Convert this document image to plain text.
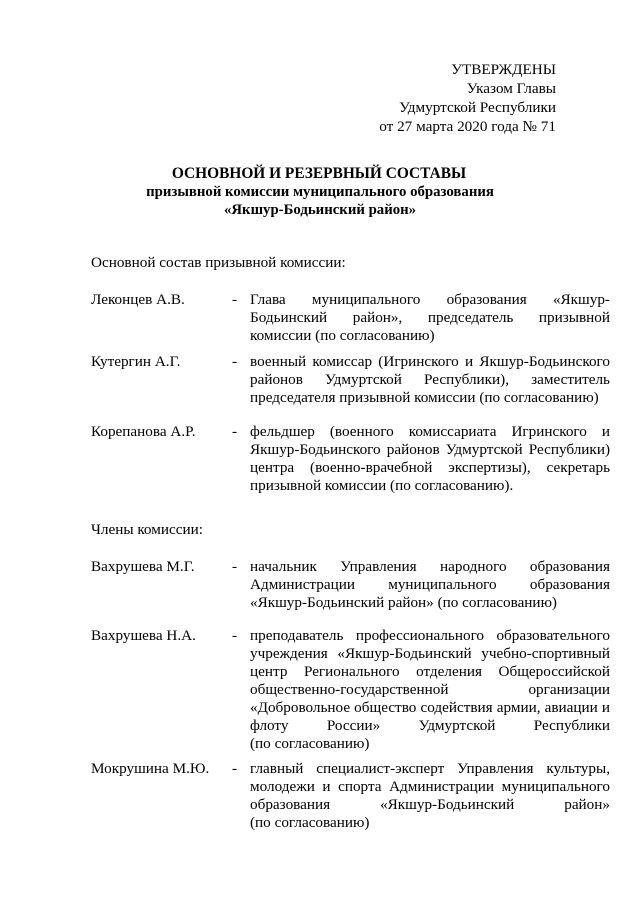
УТВЕРЖДЕНЫ
Указом Главы
Удмуртской Республики
от 27 марта 2020 года № 71
ОСНОВНОЙ И РЕЗЕРВНЫЙ СОСТАВЫ
призывной комиссии муниципального образования
«Якшур-Бодьинский район»
Основной состав призывной комиссии:
Леконцев А.В.	- Глава муниципального образования «Якшур-
Бодьинский район», председатель призывной
комиссии (по согласованию)
Кутергин А.Г.	- военный комиссар (Игринского и Якшур-Бодьинского
районов Удмуртской Республики), заместитель
председателя призывной комиссии (по согласованию)
Корепанова А.Р. - фельдшер (военного комиссариата Игринского и
Якшур-Бодьинского районов Удмуртской Республики)
центра (военно-врачебной экспертизы), секретарь
призывной комиссии (по согласованию).
Члены комиссии:
Вахрушева М.Г. - начальник Управления народного образования
Администрации муниципального образования
«Якшур-Бодьинский район» (по согласованию)
Вахрушева Н.А. - преподаватель профессионального образовательного
учреждения «Якшур-Бодьинский учебно-спортивный
центр Регионального отделения Общероссийской
общественно-государственной организации
«Добровольное общество содействия армии, авиации и
флоту России» Удмуртской Республики
(по согласованию)
Мокрушина М.Ю. - главный специалист-эксперт Управления культуры,
молодежи и спорта Администрации муниципального
образования «Якшур-Бодьинский район»
(по согласованию)
